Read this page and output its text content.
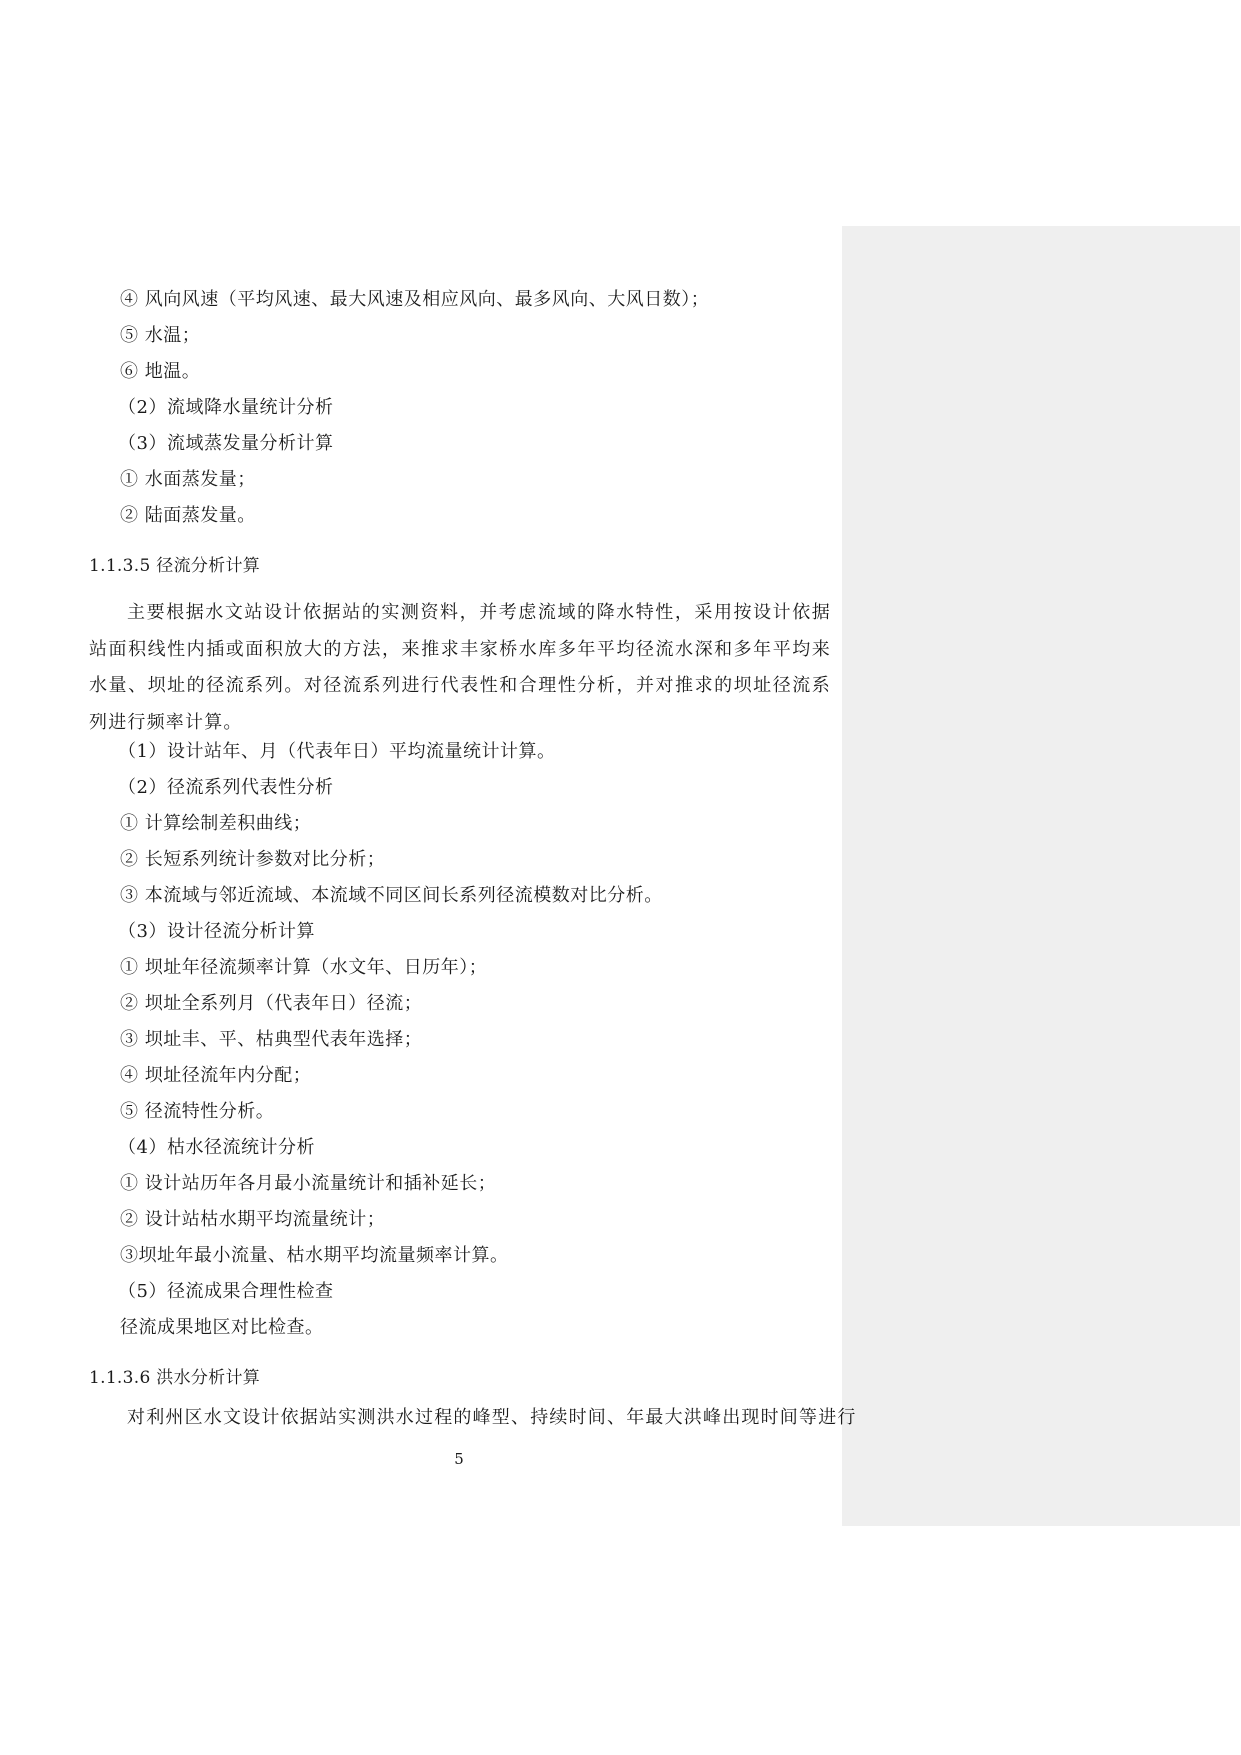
④ 风向风速（平均风速、最大风速及相应风向、最多风向、大风日数）；
⑤ 水温；
⑥ 地温。
（2）流域降水量统计分析
（3）流域蒸发量分析计算
① 水面蒸发量；
② 陆面蒸发量。
1.1.3.5 径流分析计算

主要根据水文站设计依据站的实测资料，并考虑流域的降水特性，采用按设计依据站面积线性内插或面积放大的方法，来推求丰家桥水库多年平均径流水深和多年平均来水量、坝址的径流系列。对径流系列进行代表性和合理性分析，并对推求的坝址径流系列进行频率计算。

（1）设计站年、月（代表年日）平均流量统计计算。
（2）径流系列代表性分析
① 计算绘制差积曲线；
② 长短系列统计参数对比分析；
③ 本流域与邻近流域、本流域不同区间长系列径流模数对比分析。
（3）设计径流分析计算
① 坝址年径流频率计算（水文年、日历年）；
② 坝址全系列月（代表年日）径流；
③ 坝址丰、平、枯典型代表年选择；
④ 坝址径流年内分配；
⑤ 径流特性分析。
（4）枯水径流统计分析
① 设计站历年各月最小流量统计和插补延长；
② 设计站枯水期平均流量统计；
③坝址年最小流量、枯水期平均流量频率计算。
（5）径流成果合理性检查
径流成果地区对比检查。
1.1.3.6 洪水分析计算
对利州区水文设计依据站实测洪水过程的峰型、持续时间、年最大洪峰出现时间等进行
5
